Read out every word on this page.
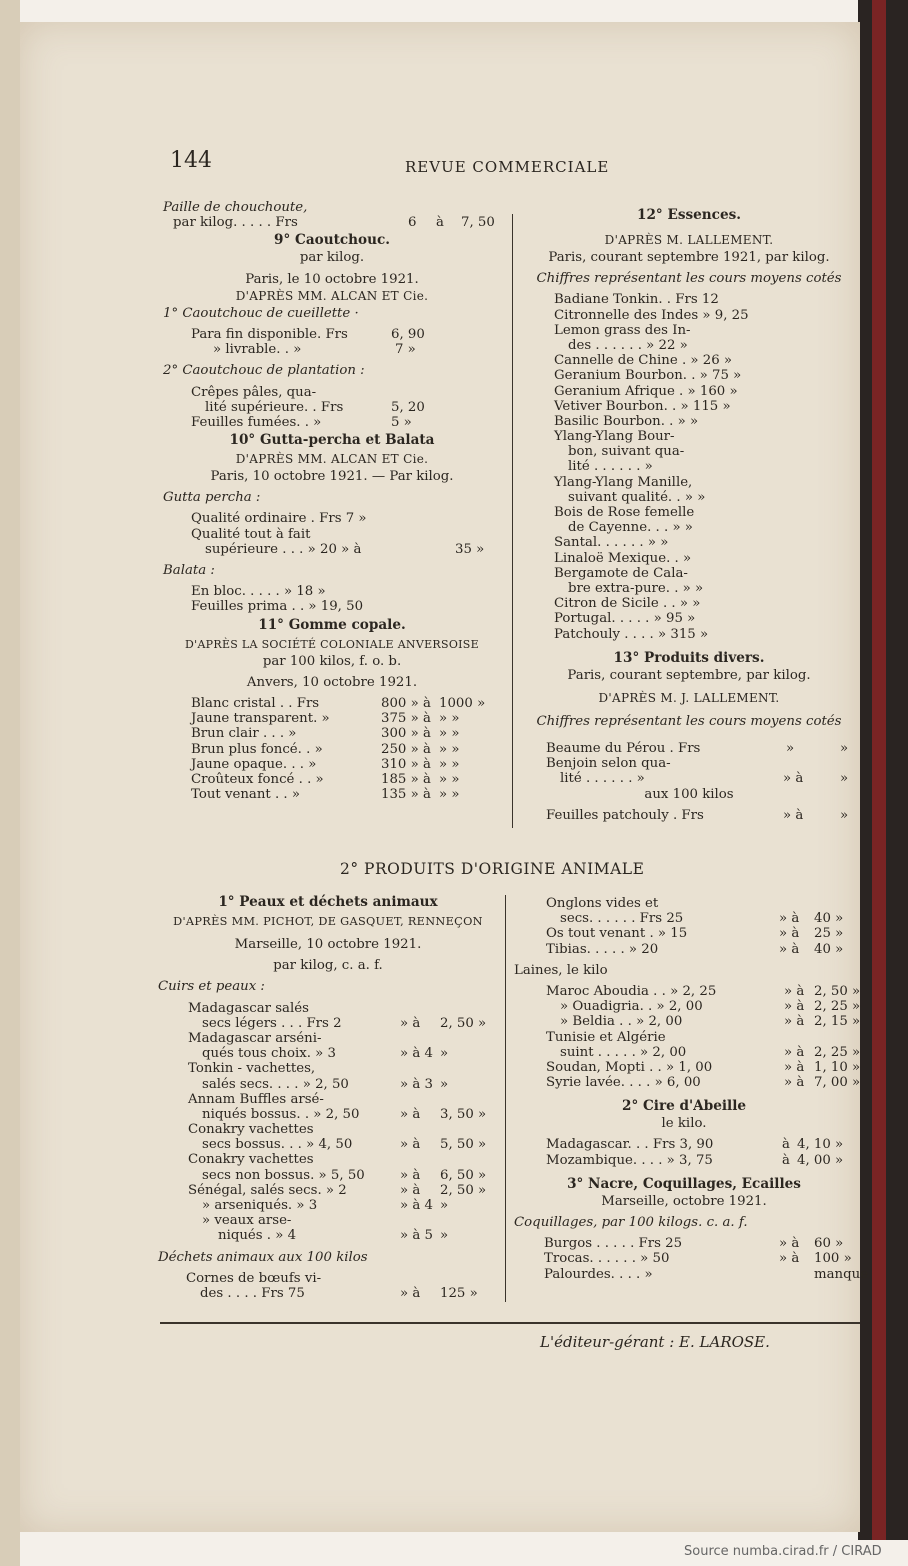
144	REVUE COMMERCIALE
Paille de chouchoute,
par kilog. . . . . Frs	6 à 7, 50
9° Caoutchouc.
par kilog.
Paris, le 10 octobre 1921.
D'APRÈS MM. ALCAN ET Cie.
1° Caoutchouc de cueillette ·
Para fin disponible. Frs	6, 90
» livrable. . »	7 »
2° Caoutchouc de plantation :
Crêpes pâles, qua-
lité supérieure. . Frs	5, 20
Feuilles fumées. . »	5 »
10° Gutta-percha et Balata
D'APRÈS MM. ALCAN ET Cie.
Paris, 10 octobre 1921. — Par kilog.
Gutta percha :
Qualité ordinaire . Frs 7 »
Qualité tout à fait
supérieure . . . » 20 » à	35 »
Balata :
En bloc. . . . . » 18 »
Feuilles prima . . » 19, 50
11° Gomme copale.
D'APRÈS LA SOCIÉTÉ COLONIALE ANVERSOISE
par 100 kilos, f. o. b.
Anvers, 10 octobre 1921.
Blanc cristal . . Frs	800 » à 1000 »
Jaune transparent. »	375 » à » »
Brun clair . . . »	300 » à » »
Brun plus foncé. . »	250 » à » »
Jaune opaque. . . »	310 » à » »
Croûteux foncé . . »	185 » à » »
Tout venant . . »	135 » à » »
12° Essences.
D'APRÈS M. LALLEMENT.
Paris, courant septembre 1921, par kilog.
Chiffres représentant les cours moyens cotés
Badiane Tonkin. . Frs 12
Citronnelle des Indes » 9, 25
Lemon grass des In-
des . . . . . . » 22 »
Cannelle de Chine . » 26 »
Geranium Bourbon. . » 75 »
Geranium Afrique . » 160 »
Vetiver Bourbon. . » 115 »
Basilic Bourbon. . » »
Ylang-Ylang Bour-
bon, suivant qua-
lité . . . . . . »
Ylang-Ylang Manille,
suivant qualité. . » »
Bois de Rose femelle
de Cayenne. . . » »
Santal. . . . . . » »
Linaloë Mexique. . »
Bergamote de Cala-
bre extra-pure. . » »
Citron de Sicile . . » »
Portugal. . . . . » 95 »
Patchouly . . . . » 315 »
13° Produits divers.
Paris, courant septembre, par kilog.
D'APRÈS M. J. LALLEMENT.
Chiffres représentant les cours moyens cotés
Beaume du Pérou . Frs	»	»
Benjoin selon qua-
lité . . . . . . »	» à	»
aux 100 kilos
Feuilles patchouly . Frs	» à	»
2° PRODUITS D'ORIGINE ANIMALE
1° Peaux et déchets animaux
D'APRÈS MM. PICHOT, DE GASQUET, RENNEÇON
Marseille, 10 octobre 1921.
par kilog, c. a. f.
Cuirs et peaux :
Madagascar salés
secs légers . . . Frs 2	» à 2, 50 »
Madagascar arséni-
qués tous choix. » 3	» à 4 »
Tonkin - vachettes,
salés secs. . . . » 2, 50	» à 3 »
Annam Buffles arsé-
niqués bossus. . » 2, 50	» à 3, 50 »
Conakry vachettes
secs bossus. . . » 4, 50	» à 5, 50 »
Conakry vachettes
secs non bossus. » 5, 50	» à 6, 50 »
Sénégal, salés secs. » 2	» à 2, 50 »
» arseniqués. » 3	» à 4 »
» veaux arse-
niqués . » 4	» à 5 »
Déchets animaux aux 100 kilos
Cornes de bœufs vi-
des . . . . Frs 75	» à 125 »
Onglons vides et
secs. . . . . . Frs 25	» à 40 »
Os tout venant . » 15	» à 25 »
Tibias. . . . . » 20	» à 40 »
Laines, le kilo
Maroc Aboudia . . » 2, 25	» à 2, 50 »
» Ouadigria. . » 2, 00	» à 2, 25 »
» Beldia . . » 2, 00	» à 2, 15 »
Tunisie et Algérie
suint . . . . . » 2, 00	» à 2, 25 »
Soudan, Mopti . . » 1, 00	» à 1, 10 »
Syrie lavée. . . . » 6, 00	» à 7, 00 »
2° Cire d'Abeille
le kilo.
Madagascar. . . Frs 3, 90	à 4, 10 »
Mozambique. . . . » 3, 75	à 4, 00 »
3° Nacre, Coquillages, Ecailles
Marseille, octobre 1921.
Coquillages, par 100 kilogs. c. a. f.
Burgos . . . . . Frs 25	» à 60 »
Trocas. . . . . . » 50	» à 100 »
Palourdes. . . . »	manque
L'éditeur-gérant : E. LAROSE.
Source numba.cirad.fr / CIRAD
